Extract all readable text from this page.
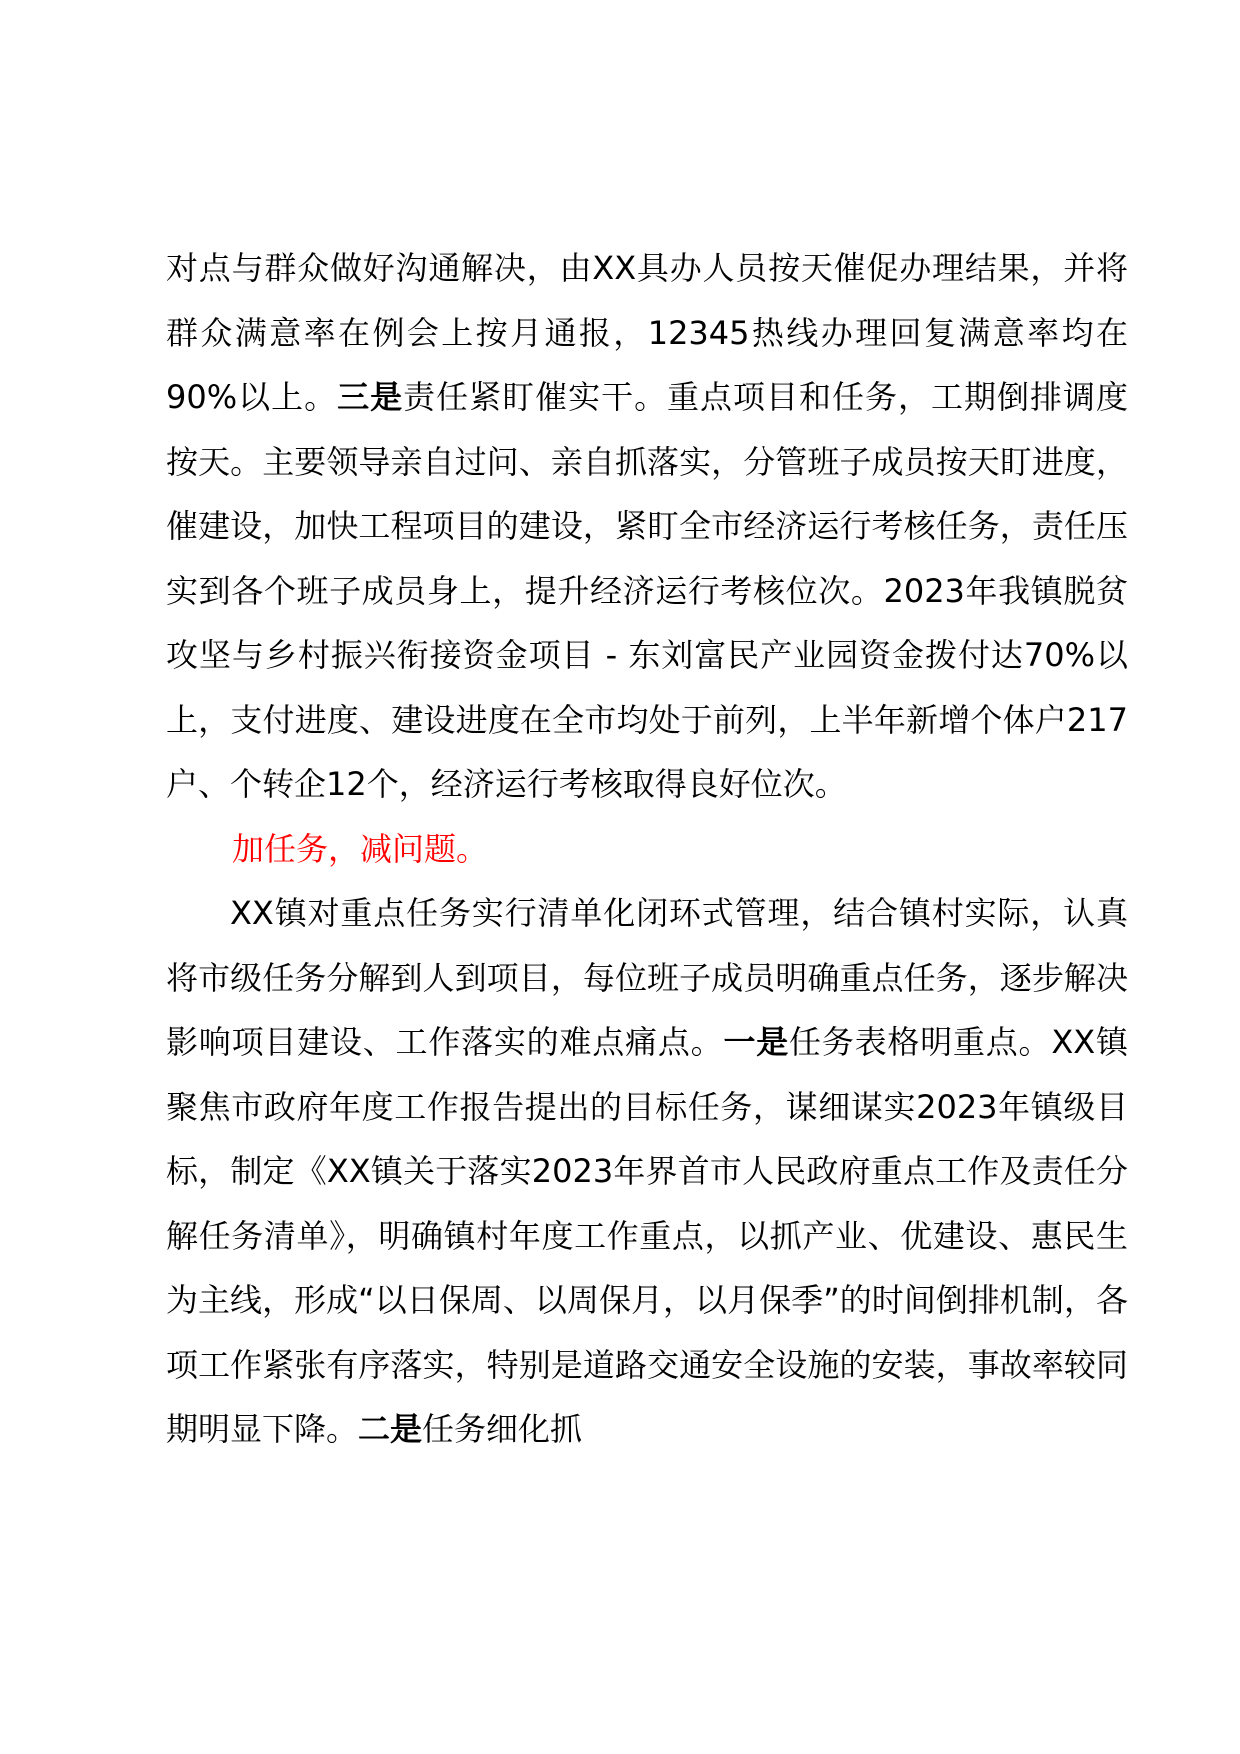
对点与群众做好沟通解决，由XX具办人员按天催促办理结果，并将群众满意率在例会上按月通报，12345热线办理回复满意率均在90%以上。三是责任紧盯催实干。重点项目和任务，工期倒排调度按天。主要领导亲自过问、亲自抓落实，分管班子成员按天盯进度，催建设，加快工程项目的建设，紧盯全市经济运行考核任务，责任压实到各个班子成员身上，提升经济运行考核位次。2023年我镇脱贫攻坚与乡村振兴衔接资金项目 - 东刘富民产业园资金拨付达70%以上，支付进度、建设进度在全市均处于前列，上半年新增个体户217户、个转企12个，经济运行考核取得良好位次。

加任务，减问题。

XX镇对重点任务实行清单化闭环式管理，结合镇村实际，认真将市级任务分解到人到项目，每位班子成员明确重点任务，逐步解决影响项目建设、工作落实的难点痛点。一是任务表格明重点。XX镇聚焦市政府年度工作报告提出的目标任务，谋细谋实2023年镇级目标，制定《XX镇关于落实2023年界首市人民政府重点工作及责任分解任务清单》，明确镇村年度工作重点，以抓产业、优建设、惠民生为主线，形成“以日保周、以周保月，以月保季”的时间倒排机制，各项工作紧张有序落实，特别是道路交通安全设施的安装，事故率较同期明显下降。二是任务细化抓
